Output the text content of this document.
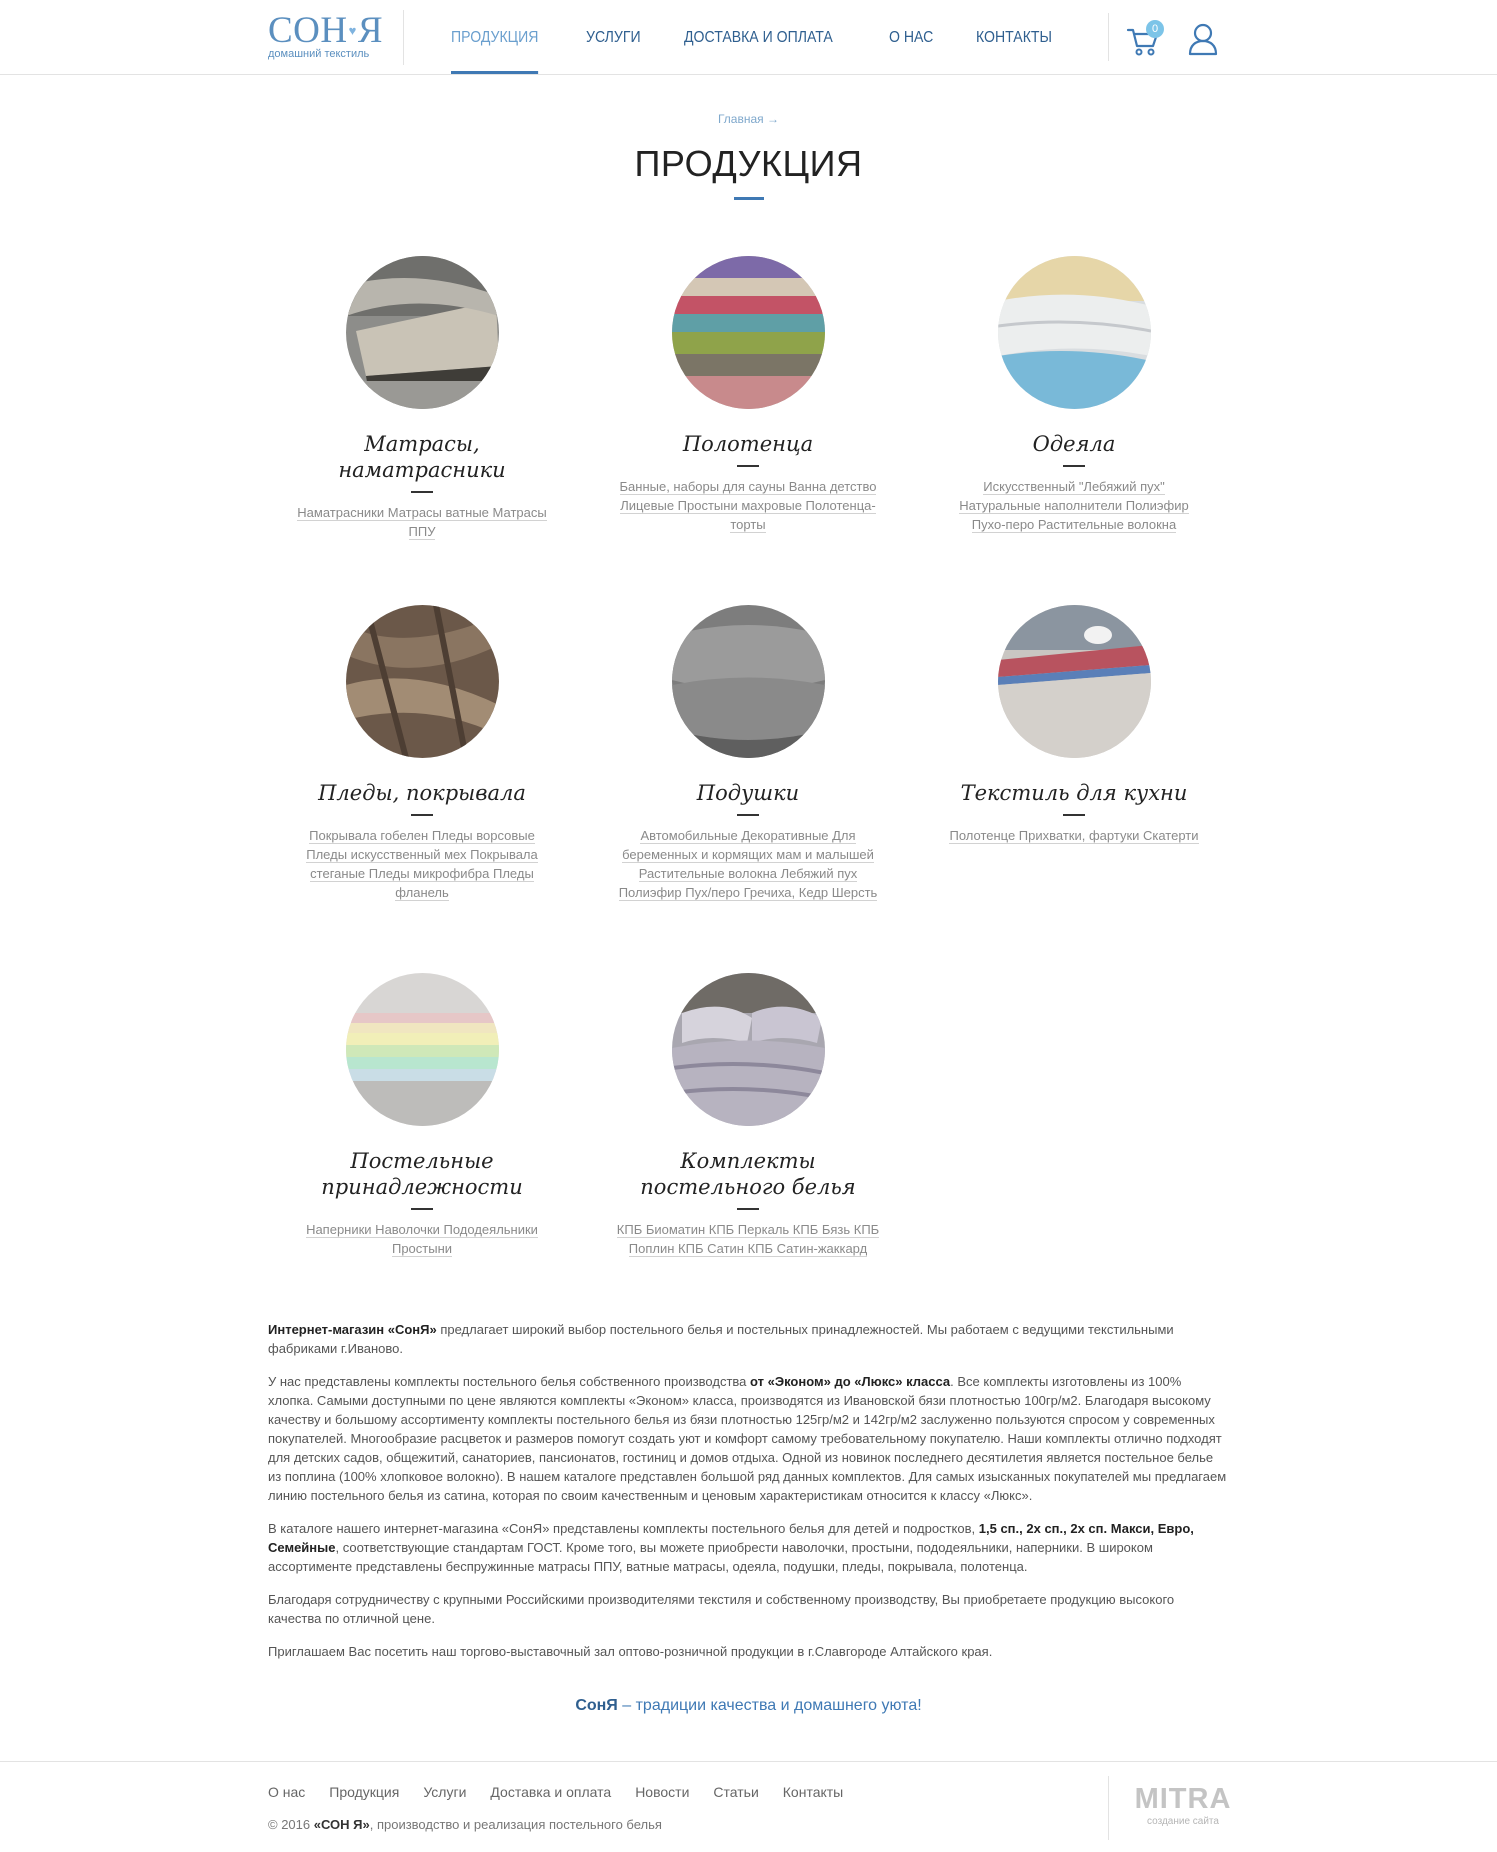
СОН♥Я
домашний текстиль
ПРОДУКЦИЯ	УСЛУГИ	ДОСТАВКА И ОПЛАТА	О НАС	КОНТАКТЫ	0
Главная →
ПРОДУКЦИЯ
Матрасы, наматрасники
Наматрасники Матрасы ватные Матрасы ППУ
Полотенца
Банные, наборы для сауны Ванна детство Лицевые Простыни махровые Полотенца-торты
Одеяла
Искусственный "Лебяжий пух" Натуральные наполнители Полиэфир Пухо-перо Растительные волокна
Пледы, покрывала
Покрывала гобелен Пледы ворсовые Пледы искусственный мех Покрывала стеганые Пледы микрофибра Пледы фланель
Подушки
Автомобильные Декоративные Для беременных и кормящих мам и малышей Растительные волокна Лебяжий пух Полиэфир Пух/перо Гречиха, Кедр Шерсть
Текстиль для кухни
Полотенце Прихватки, фартуки Скатерти
Постельные принадлежности
Наперники Наволочки Пододеяльники Простыни
Комплекты постельного белья
КПБ Биоматин КПБ Перкаль КПБ Бязь КПБ Поплин КПБ Сатин КПБ Сатин-жаккард

Интернет-магазин «СонЯ» предлагает широкий выбор постельного белья и постельных принадлежностей. Мы работаем с ведущими текстильными фабриками г.Иваново.

У нас представлены комплекты постельного белья собственного производства от «Эконом» до «Люкс» класса. Все комплекты изготовлены из 100% хлопка. Самыми доступными по цене являются комплекты «Эконом» класса, производятся из Ивановской бязи плотностью 100гр/м2. Благодаря высокому качеству и большому ассортименту комплекты постельного белья из бязи плотностью 125гр/м2 и 142гр/м2 заслуженно пользуются спросом у современных покупателей. Многообразие расцветок и размеров помогут создать уют и комфорт самому требовательному покупателю. Наши комплекты отлично подходят для детских садов, общежитий, санаториев, пансионатов, гостиниц и домов отдыха. Одной из новинок последнего десятилетия является постельное белье из поплина (100% хлопковое волокно). В нашем каталоге представлен большой ряд данных комплектов. Для самых изысканных покупателей мы предлагаем линию постельного белья из сатина, которая по своим качественным и ценовым характеристикам относится к классу «Люкс».

В каталоге нашего интернет-магазина «СонЯ» представлены комплекты постельного белья для детей и подростков, 1,5 сп., 2х сп., 2х сп. Макси, Евро, Семейные, соответствующие стандартам ГОСТ. Кроме того, вы можете приобрести наволочки, простыни, пододеяльники, наперники. В широком ассортименте представлены беспружинные матрасы ППУ, ватные матрасы, одеяла, подушки, пледы, покрывала, полотенца.

Благодаря сотрудничеству с крупными Российскими производителями текстиля и собственному производству, Вы приобретаете продукцию высокого качества по отличной цене.

Приглашаем Вас посетить наш торгово-выставочный зал оптово-розничной продукции в г.Славгороде Алтайского края.

СонЯ – традиции качества и домашнего уюта!
О нас Продукция Услуги Доставка и оплата Новости Статьи Контакты
© 2016 «СОН Я», производство и реализация постельного белья
MITRA
создание сайта
